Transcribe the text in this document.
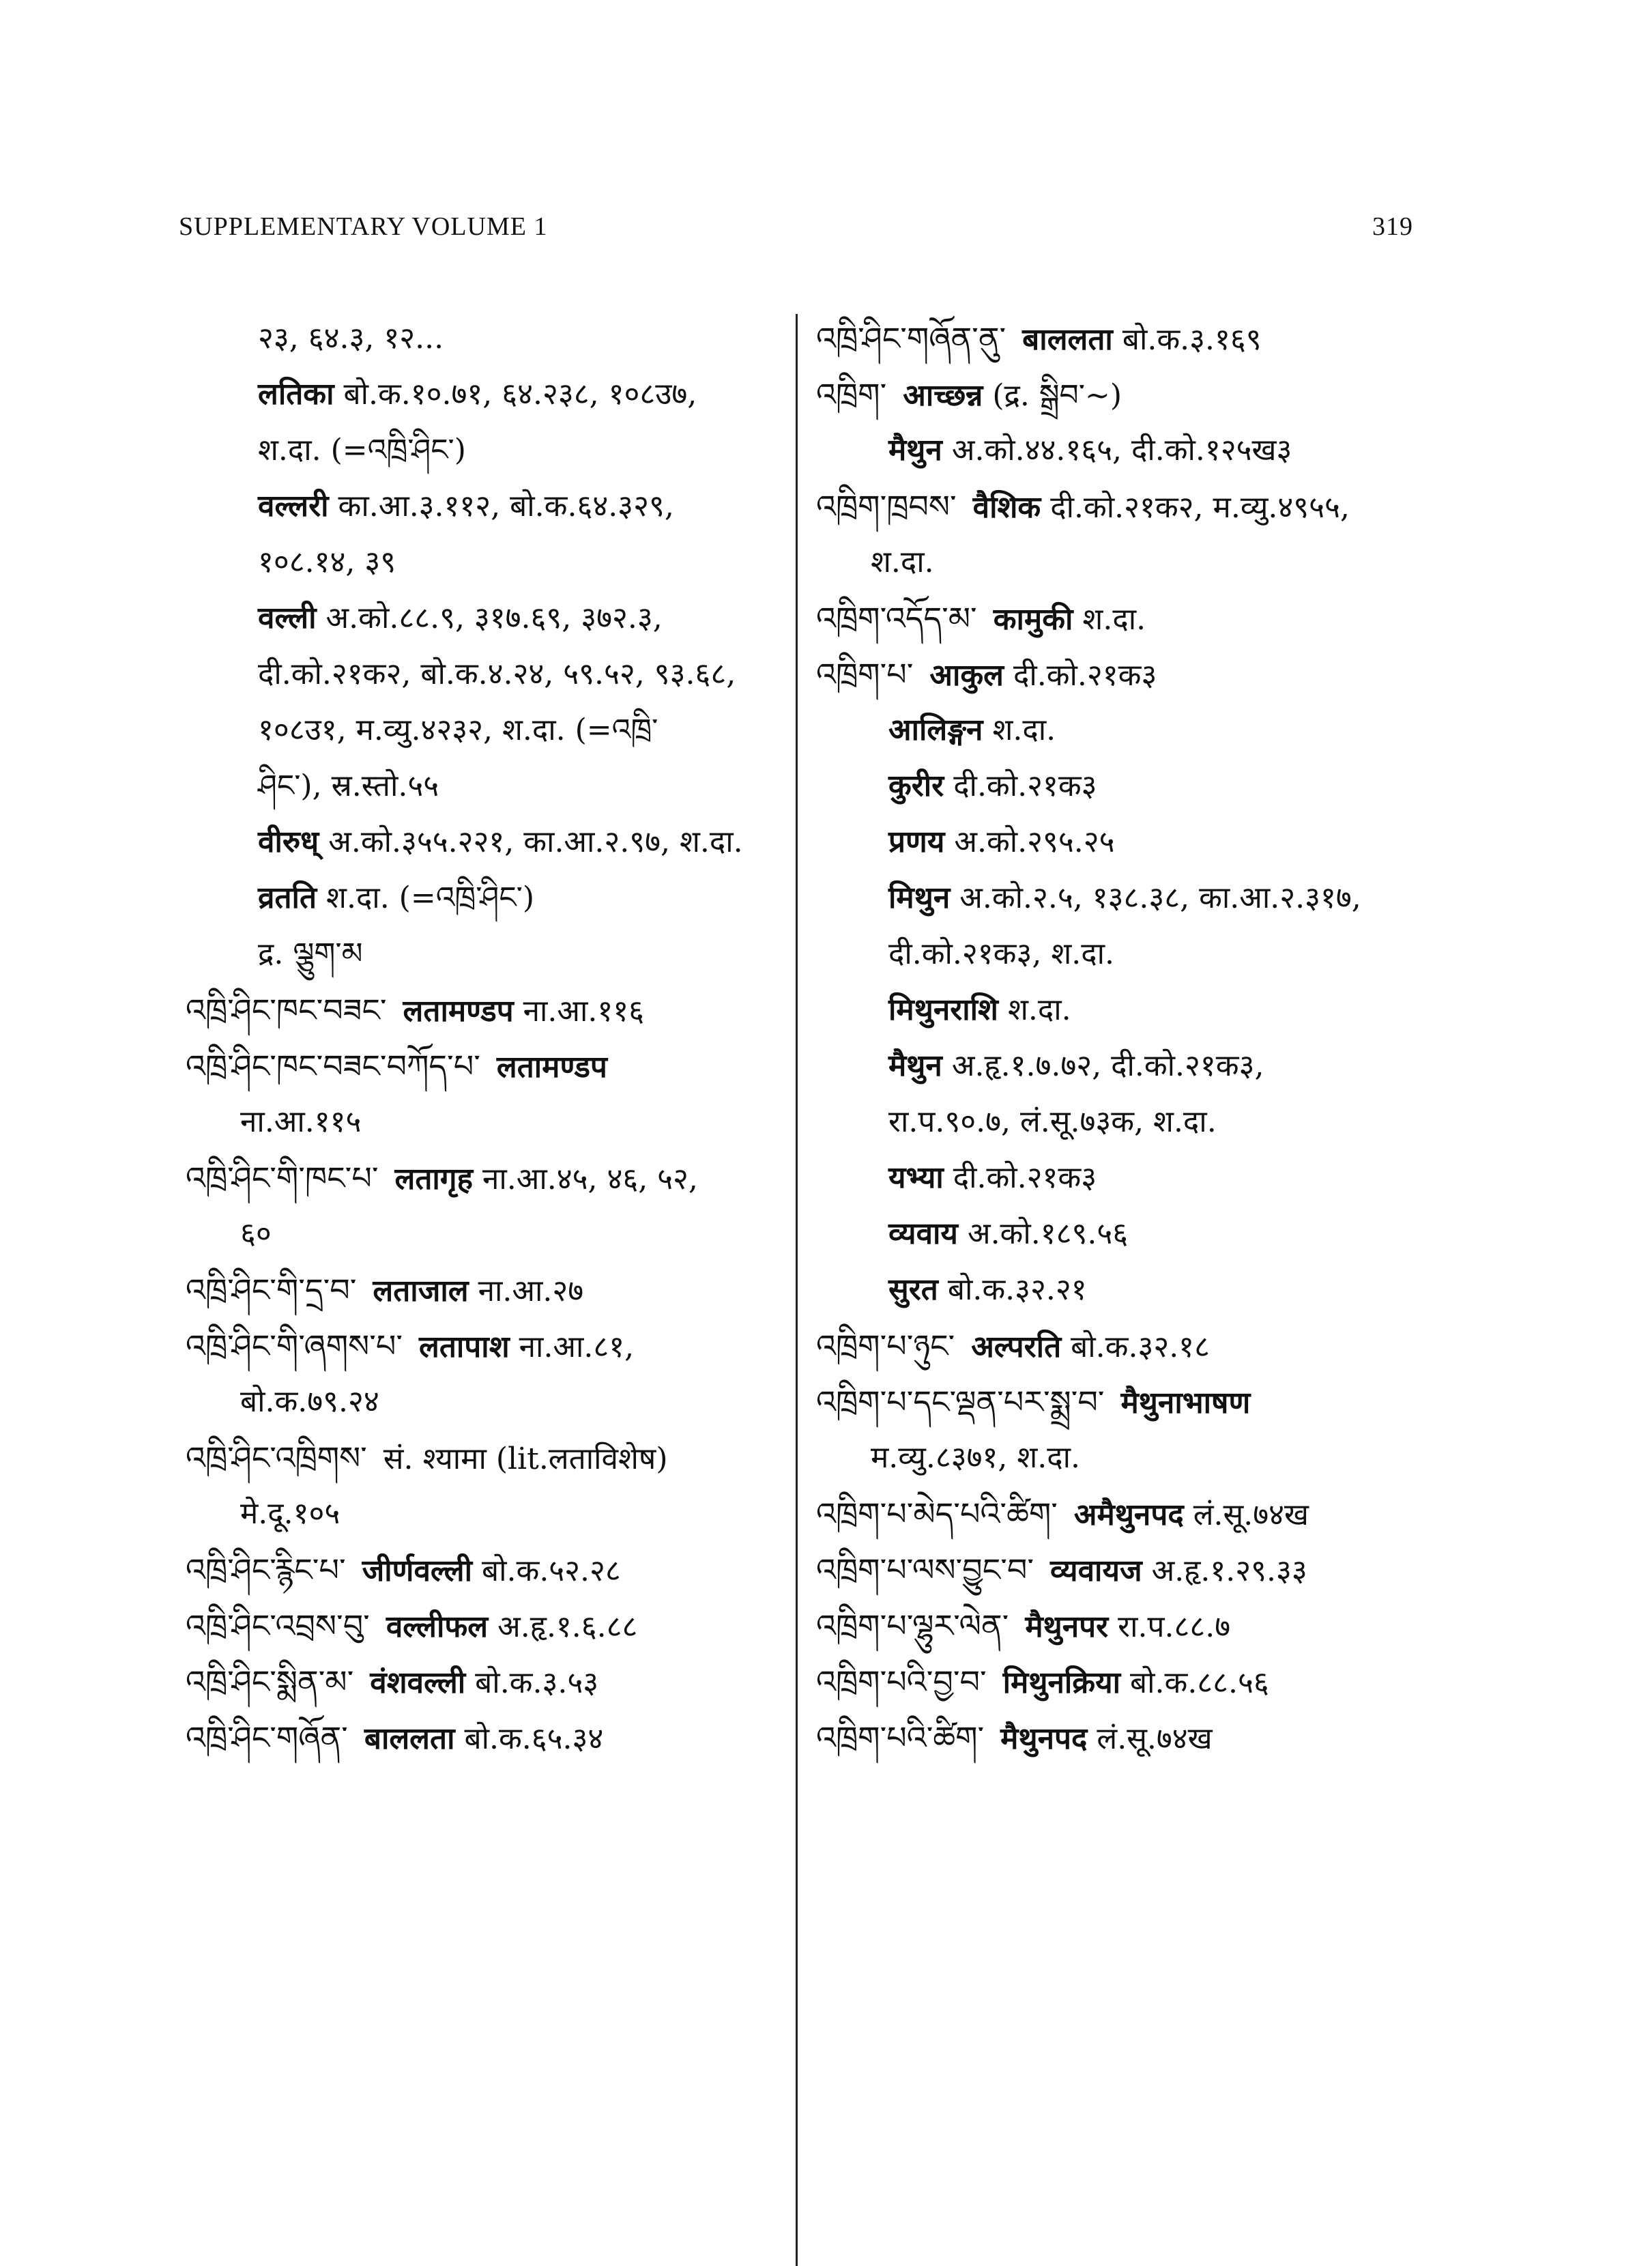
SUPPLEMENTARY VOLUME 1	319
२३, ६४.३, १२...
लतिका बो.क.१०.७१, ६४.२३८, १०८उ७,
श.दा. (=འཁྲི་ཤིང་)
वल्लरी का.आ.३.११२, बो.क.६४.३२९,
१०८.१४, ३९
वल्ली अ.को.८८.९, ३१७.६९, ३७२.३,
दी.को.२१क२, बो.क.४.२४, ५९.५२, ९३.६८,
१०८उ१, म.व्यु.४२३२, श.दा. (=འཁྲི་
ཤིང་), स्र.स्तो.५५
वीरुध् अ.को.३५५.२२१, का.आ.२.९७, श.दा.
व्रतति श.दा. (=འཁྲི་ཤིང་)
द्र. ལྕུག་མ
འཁྲི་ཤིང་ཁང་བཟང་ लतामण्डप ना.आ.११६
འཁྲི་ཤིང་ཁང་བཟང་བཀོད་པ་ लतामण्डप
ना.आ.११५
འཁྲི་ཤིང་གི་ཁང་པ་ लतागृह ना.आ.४५, ४६, ५२,
६०
འཁྲི་ཤིང་གི་དྲ་བ་ लताजाल ना.आ.२७
འཁྲི་ཤིང་གི་ཞགས་པ་ लतापाश ना.आ.८१,
बो.क.७९.२४
འཁྲི་ཤིང་འཁྲིགས་ सं. श्यामा (lit.लताविशेष)
मे.दू.१०५
འཁྲི་ཤིང་རྙིང་པ་ जीर्णवल्ली बो.क.५२.२८
འཁྲི་ཤིང་འབྲས་བུ་ वल्लीफल अ.हृ.१.६.८८
འཁྲི་ཤིང་སྨིན་མ་ वंशवल्ली बो.क.३.५३
འཁྲི་ཤིང་གཞོན་ बाललता बो.क.६५.३४
འཁྲི་ཤིང་གཞོན་ནུ་ बाललता बो.क.३.१६९
འཁྲིག་ आच्छन्न (द्र. སྒྲིབ་~)
मैथुन अ.को.४४.१६५, दी.को.१२५ख३
འཁྲིག་ཁྲབས་ वैशिक दी.को.२१क२, म.व्यु.४९५५,
श.दा.
འཁྲིག་འདོད་མ་ कामुकी श.दा.
འཁྲིག་པ་ आकुल दी.को.२१क३
आलिङ्गन श.दा.
कुरीर दी.को.२१क३
प्रणय अ.को.२९५.२५
मिथुन अ.को.२.५, १३८.३८, का.आ.२.३१७,
दी.को.२१क३, श.दा.
मिथुनराशि श.दा.
मैथुन अ.हृ.१.७.७२, दी.को.२१क३,
रा.प.९०.७, लं.सू.७३क, श.दा.
यभ्या दी.को.२१क३
व्यवाय अ.को.१८९.५६
सुरत बो.क.३२.२१
འཁྲིག་པ་ཉུང་ अल्परति बो.क.३२.१८
འཁྲིག་པ་དང་ལྡན་པར་སྨྲ་བ་ मैथुनाभाषण
म.व्यु.८३७१, श.दा.
འཁྲིག་པ་མེད་པའི་ཚིག་ अमैथुनपद लं.सू.७४ख
འཁྲིག་པ་ལས་བྱུང་བ་ व्यवायज अ.हृ.१.२९.३३
འཁྲིག་པ་ལྷུར་ལེན་ मैथुनपर रा.प.८८.७
འཁྲིག་པའི་བྱ་བ་ मिथुनक्रिया बो.क.८८.५६
འཁྲིག་པའི་ཚིག་ मैथुनपद लं.सू.७४ख
